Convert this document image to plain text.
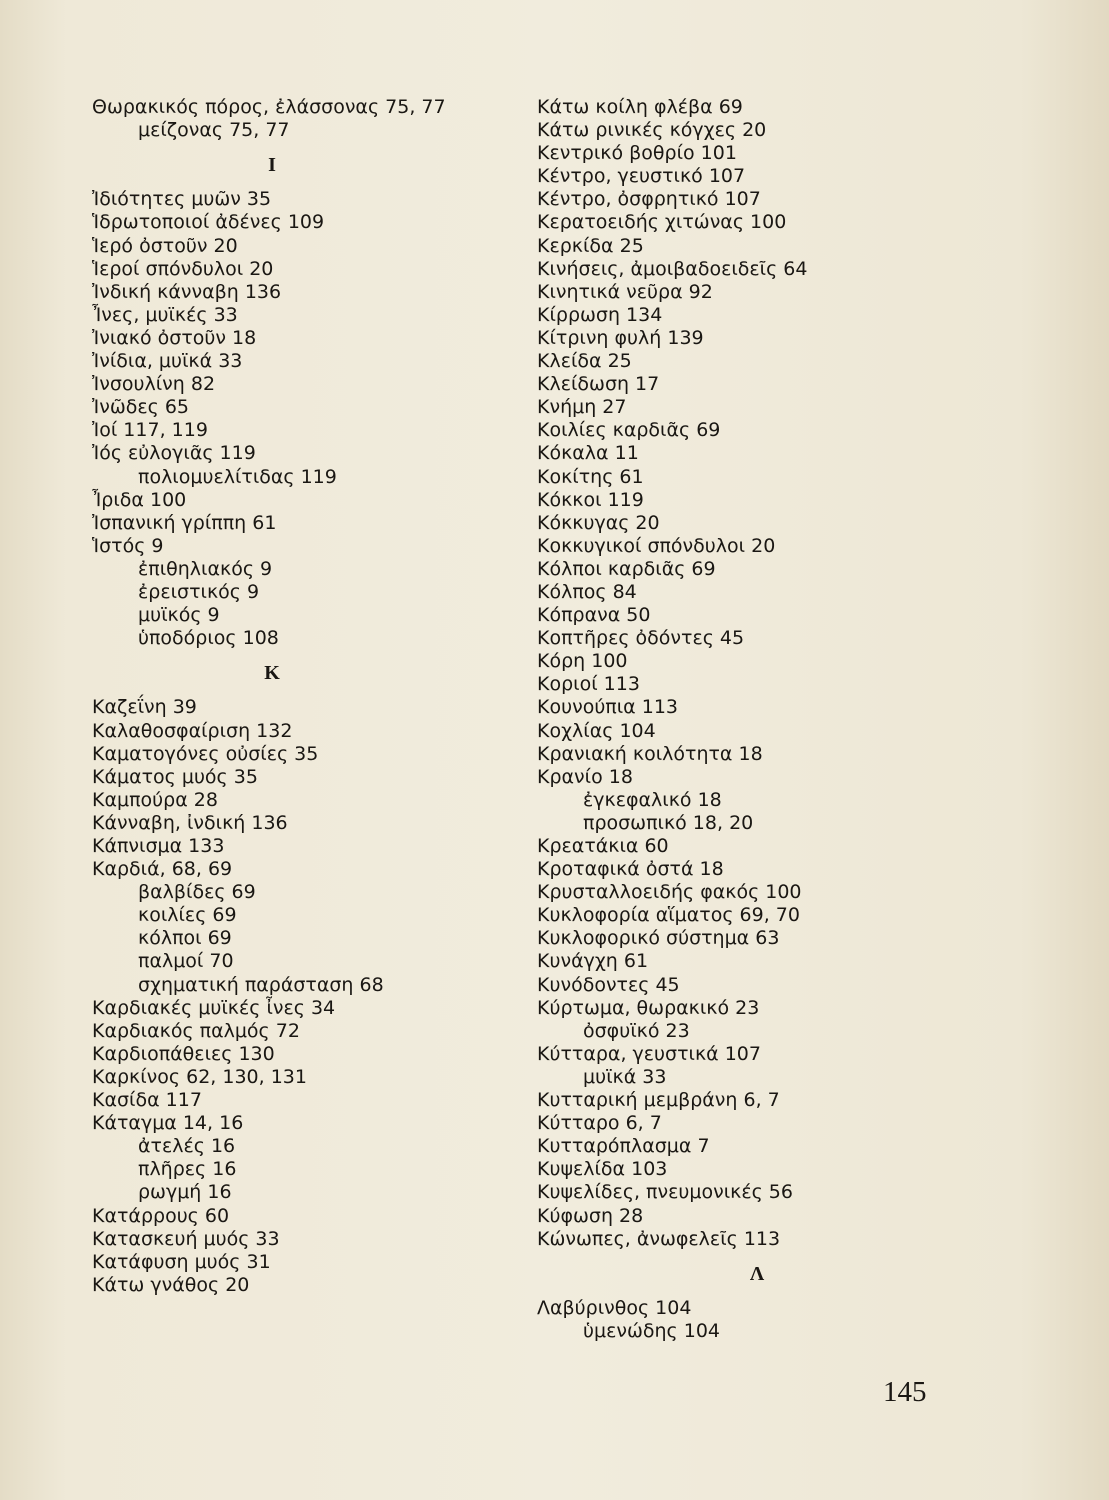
Θωρακικός πόρος, ἐλάσσονας 75, 77
μείζονας 75, 77
Ι
Ἰδιότητες μυῶν 35
Ἱδρωτοποιοί ἀδένες 109
Ἱερό ὀστοῦν 20
Ἱεροί σπόνδυλοι 20
Ἰνδική κάνναβη 136
Ἶνες, μυϊκές 33
Ἰνιακό ὀστοῦν 18
Ἰνίδια, μυϊκά 33
Ἰνσουλίνη 82
Ἰνῶδες 65
Ἰοί 117, 119
Ἰός εὐλογιᾶς 119
πολιομυελίτιδας 119
Ἶριδα 100
Ἰσπανική γρίππη 61
Ἱστός 9
ἐπιθηλιακός 9
ἐρειστικός 9
μυϊκός 9
ὑποδόριος 108
Κ
Καζεΐνη 39
Καλαθοσφαίριση 132
Καματογόνες οὐσίες 35
Κάματος μυός 35
Καμπούρα 28
Κάνναβη, ἰνδική 136
Κάπνισμα 133
Καρδιά, 68, 69
βαλβίδες 69
κοιλίες 69
κόλποι 69
παλμοί 70
σχηματική παράσταση 68
Καρδιακές μυϊκές ἶνες 34
Καρδιακός παλμός 72
Καρδιοπάθειες 130
Καρκίνος 62, 130, 131
Κασίδα 117
Κάταγμα 14, 16
ἀτελές 16
πλῆρες 16
ρωγμή 16
Κατάρρους 60
Κατασκευή μυός 33
Κατάφυση μυός 31
Κάτω γνάθος 20
Κάτω κοίλη φλέβα 69
Κάτω ρινικές κόγχες 20
Κεντρικό βοθρίο 101
Κέντρο, γευστικό 107
Κέντρο, ὀσφρητικό 107
Κερατοειδής χιτώνας 100
Κερκίδα 25
Κινήσεις, ἀμοιβαδοειδεῖς 64
Κινητικά νεῦρα 92
Κίρρωση 134
Κίτρινη φυλή 139
Κλείδα 25
Κλείδωση 17
Κνήμη 27
Κοιλίες καρδιᾶς 69
Κόκαλα 11
Κοκίτης 61
Κόκκοι 119
Κόκκυγας 20
Κοκκυγικοί σπόνδυλοι 20
Κόλποι καρδιᾶς 69
Κόλπος 84
Κόπρανα 50
Κοπτῆρες ὀδόντες 45
Κόρη 100
Κοριοί 113
Κουνούπια 113
Κοχλίας 104
Κρανιακή κοιλότητα 18
Κρανίο 18
ἐγκεφαλικό 18
προσωπικό 18, 20
Κρεατάκια 60
Κροταφικά ὀστά 18
Κρυσταλλοειδής φακός 100
Κυκλοφορία αἵματος 69, 70
Κυκλοφορικό σύστημα 63
Κυνάγχη 61
Κυνόδοντες 45
Κύρτωμα, θωρακικό 23
ὀσφυϊκό 23
Κύτταρα, γευστικά 107
μυϊκά 33
Κυτταρική μεμβράνη 6, 7
Κύτταρο 6, 7
Κυτταρόπλασμα 7
Κυψελίδα 103
Κυψελίδες, πνευμονικές 56
Κύφωση 28
Κώνωπες, ἀνωφελεῖς 113
Λ
Λαβύρινθος 104
ὑμενώδης 104
145
